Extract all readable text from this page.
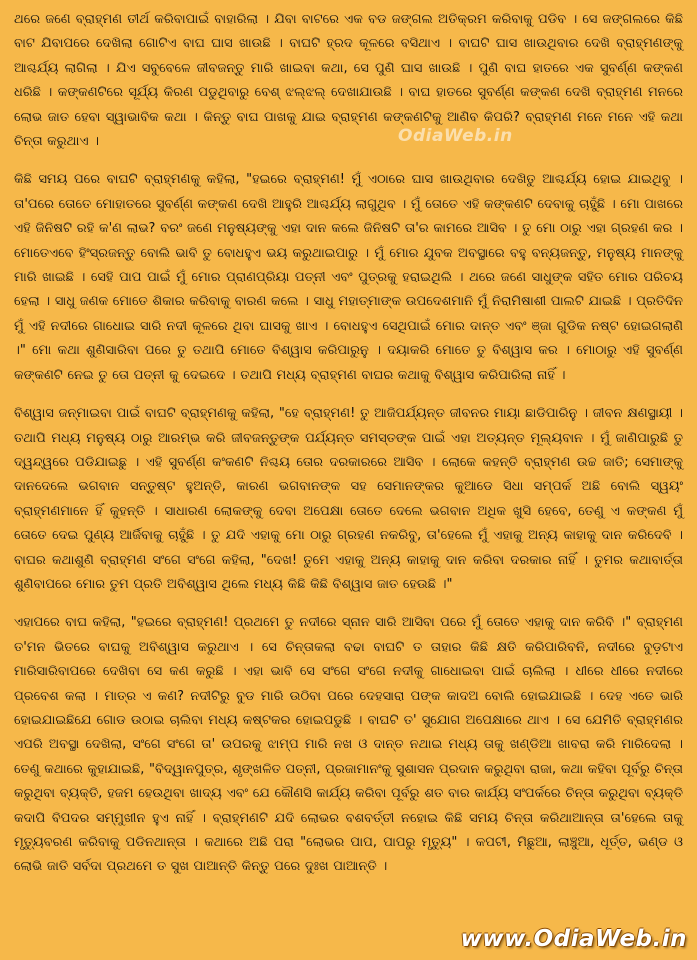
ଥରେ ଜଣେ ବ୍ରାହ୍ମଣ ତୀର୍ଥ କରିବାପାଇଁ ବାହାରିଲା । ଯିବା ବାଟରେ ଏକ ବଡ ଜଙ୍ଗଲ ଅତିକ୍ରମ କରିବାକୁ ପଡିବ । ସେ ଜଙ୍ଗଲରେ କିଛି ବାଟ ଯିବାପରେ ଦେଖିଲା ଗୋଟିଏ ବାଘ ଘାସ ଖାଉଛି । ବାଘଟି ହ୍ରଦ କୂଳରେ ବସିଥାଏ । ବାଘଟି ଘାସ ଖାଉଥିବାର ଦେଖି ବ୍ରାହ୍ମଣଙ୍କୁ ଆଶ୍ଚର୍ଯ୍ୟ ଲାଗିଲା । ଯିଏ ସବୁବେଳେ ଜୀବଜନ୍ତୁ ମାରି ଖାଇବା କଥା, ସେ ପୁଣି ଘାସ ଖାଉଛି । ପୁଣି ବାଘ ହାତରେ ଏକ ସୁବର୍ଣ୍ଣ କଙ୍କଣ ଧରିଛି । କଙ୍କଣଟିରେ ସୂର୍ଯ୍ୟ କିରଣ ପଡୁଥିବାରୁ ବେଶ୍ ଝଲ୍‌ଝଲ୍ ଦେଖାଯାଉଛି । ବାଘ ହାତରେ ସୁବର୍ଣ୍ଣ କଙ୍କଣ ଦେଖି ବ୍ରାହ୍ମଣ ମନରେ ଲୋଭ ଜାତ ହେବା ସ୍ୱାଭାବିକ କଥା । କିନ୍ତୁ ବାଘ ପାଖକୁ ଯାଇ ବ୍ରାହ୍ମଣ କଙ୍କଣଟିକୁ ଆଣିବ କିପରି? ବ୍ରାହ୍ମଣ ମନେ ମନେ ଏହି କଥା ଚିନ୍ତା କରୁଥାଏ ।

କିଛି ସମୟ ପରେ ବାଘଟି ବ୍ରାହ୍ମଣକୁ କହିଲା, "ହଇରେ ବ୍ରାହ୍ମଣ! ମୁଁ ଏଠାରେ ଘାସ ଖାଉଥିବାର ଦେଖିତୁ ଆଶ୍ଚର୍ଯ୍ୟ ହୋଇ ଯାଇଥିବୁ । ତା'ପରେ ତୋତେ ମୋହାତରେ ସୁବର୍ଣ୍ଣ କଙ୍କଣ ଦେଖି ଆହୁରି ଆଶ୍ଚର୍ଯ୍ୟ ଲାଗୁଥିବ । ମୁଁ ତୋତେ ଏହି କଙ୍କଣଟି ଦେବାକୁ ଚାହୁଁଛି । ମୋ ପାଖରେ ଏହି ଜିନିଷଟି ରହି କ'ଣ ଲାଭ? ବରଂ ଜଣେ ମନୁଷ୍ୟଙ୍କୁ ଏହା ଦାନ କଲେ ଜିନିଷଟି ତା'ର କାମରେ ଆସିବ । ତୁ ମୋ ଠାରୁ ଏହା ଗ୍ରହଣ କର । ମୋତେଏବେ ହିଂସ୍ରଜନ୍ତୁ ବୋଲି ଭାବି ତୁ ବୋଧହୁଏ ଭୟ କରୁଥାଇପାରୁ । ମୁଁ ମୋର ଯୁବକ ଅବସ୍ଥାରେ ବହୁ ବନ୍ୟଜନ୍ତୁ, ମନୁଷ୍ୟ ମାନଙ୍କୁ ମାରି ଖାଇଛି । ସେହି ପାପ ପାଇଁ ମୁଁ ମୋର ପ୍ରାଣପ୍ରିୟା ପତ୍ନୀ ଏବଂ ପୁତ୍ରକୁ ହରାଇଥିଲି । ଥରେ ଜଣେ ସାଧୁଙ୍କ ସହିତ ମୋର ପରିଚୟ ହେଲା । ସାଧୁ ଜଣକ ମୋତେ ଶିକାର କରିବାକୁ ବାରଣ କଲେ । ସାଧୁ ମହାତ୍ମାଙ୍କ ଉପଦେଶମାନି ମୁଁ ନିରାମିଷାଶୀ ପାଲଟି ଯାଇଛି । ପ୍ରତିଦିନ ମୁଁ ଏହି ନଦୀରେ ଗାଧୋଇ ସାରି ନଦୀ କୂଳରେ ଥିବା ଘାସକୁ ଖାଏ । ବୋଧହୁଏ ସେଥିପାଇଁ ମୋର ଦାନ୍ତ ଏବଂ ଞ୍ଜା ଗୁଡିକ ନଷ୍ଟ ହୋଇଗଲାଣି ।" ମୋ କଥା ଶୁଣିସାରିବା ପରେ ତୁ ତଥାପି ମୋତେ ବିଶ୍ୱାସ କରିପାରୁନୁ । ଦୟାକରି ମୋତେ ତୁ ବିଶ୍ୱାସ କର । ମୋଠାରୁ ଏହି ସୁବର୍ଣ୍ଣ କଙ୍କଣଟି ନେଇ ତୁ ତୋ ପତ୍ନୀ କୁ ଦେଇଦେ । ତଥାପି ମଧ୍ୟ ବ୍ରାହ୍ମଣ ବାଘର କଥାକୁ ବିଶ୍ୱାସ କରିପାରିଲା ନାହିଁ ।

ବିଶ୍ୱାସ ଜନ୍ମାଇବା ପାଇଁ ବାଘଟି ବ୍ରାହ୍ମଣକୁ କହିଲା, "ହେ ବ୍ରାହ୍ମଣ! ତୁ ଆଜିପର୍ଯ୍ୟନ୍ତ ଜୀବନର ମାୟା ଛାଡିପାରିନୁ । ଜୀବନ କ୍ଷଣସ୍ଥାୟୀ । ତଥାପି ମଧ୍ୟ ମନୁଷ୍ୟ ଠାରୁ ଆରମ୍ଭ କରି ଜୀବଜନ୍ତୁଙ୍କ ପର୍ଯ୍ୟନ୍ତ ସମସ୍ତଙ୍କ ପାଇଁ ଏହା ଅତ୍ୟନ୍ତ ମୂଲ୍ୟବାନ । ମୁଁ ଜାଣିପାରୁଛି ତୁ ଦ୍ୱନ୍ଦ୍ୱରେ ପଡିଯାଇଛୁ । ଏହି ସୁବର୍ଣ୍ଣ କଂକଣଟି ନିଶ୍ଚୟ ତୋର ଦରକାରରେ ଆସିବ । ଲୋକେ କହନ୍ତି ବ୍ରାହ୍ମଣ ଉଚ୍ଚ ଜାତି; ସେମାଙ୍କୁ ଦାନଦେଲେ ଭଗବାନ ସନ୍ତୁଷ୍ଟ ହୁଅନ୍ତି, କାରଣ ଭଗବାନଙ୍କ ସହ ସେମାନଙ୍କର କୁଆଡେ ସିଧା ସମ୍ପର୍କ ଅଛି ବୋଲି ସ୍ୱୟଂ ବ୍ରାହ୍ମଣମାନେ ହିଁ କୁହନ୍ତି । ସାଧାରଣ ଲୋକଙ୍କୁ ଦେବା ଅପେକ୍ଷା ତୋତେ ଦେଲେ ଭଗବାନ ଅଧିକ ଖୁସି ହେବେ, ତେଣୁ ଏ କଙ୍କଣ ମୁଁ ତୋତେ ଦେଇ ପୁଣ୍ୟ ଆର୍ଜିବାକୁ ଚାହୁଁଛି । ତୁ ଯଦି ଏହାକୁ ମୋ ଠାରୁ ଗ୍ରହଣ ନକରିବୁ, ତା'ହେଲେ ମୁଁ ଏହାକୁ ଅନ୍ୟ କାହାକୁ ଦାନ କରିଦେବି । ବାଘର କଥାଶୁଣି ବ୍ରାହ୍ମଣ ସଂଗେ ସଂଗେ କହିଲା, "ଦେଖ! ତୁମେ ଏହାକୁ ଅନ୍ୟ କାହାକୁ ଦାନ କରିବା ଦରକାର ନାହିଁ । ତୁମର କଥାବାର୍ତ୍ତା ଶୁଣିବାପରେ ମୋର ତୁମ ପ୍ରତି ଅବିଶ୍ୱାସ ଥିଲେ ମଧ୍ୟ କିଛି କିଛି ବିଶ୍ୱାସ ଜାତ ହେଉଛି ।"

ଏହାପରେ ବାଘ କହିଲା, "ହଇରେ ବ୍ରାହ୍ମଣ! ପ୍ରଥମେ ତୁ ନଦୀରେ ସ୍ନାନ ସାରି ଆସିବା ପରେ ମୁଁ ତୋତେ ଏହାକୁ ଦାନ କରିବି ।" ବ୍ରାହ୍ମଣ ତ'ମନ ଭିତରେ ବାଘକୁ ଅବିଶ୍ୱାସ କରୁଥାଏ । ସେ ଚିନ୍ତାକଲା ବଢା ବାଘଟି ତ ତାହାର କିଛି କ୍ଷତି କରିପାରିବନି, ନଦୀରେ ବୁଡ଼ଟାଏ ମାରିସାରିବାପରେ ଦେଖିବା ସେ କଣ କରୁଛି । ଏହା ଭାବି ସେ ସଂଗେ ସଂଗେ ନଦୀକୁ ଗାଧୋଇବା ପାଇଁ ଚାଲିଲା । ଧୀରେ ଧୀରେ ନଦୀରେ ପ୍ରବେଶ କଲା । ମାତ୍ର ଏ କଣ? ନଦୀଟିରୁ ବୁଡ ମାରି ଉଠିବା ପରେ ଦେହସାରା ପଙ୍କ କାଦଅ ବୋଲି ହୋଇଯାଇଛି । ଦେହ ଏତେ ଭାରି ହୋଇଯାଇଛିଯେ ଗୋଡ ଉଠାଇ ଚାଲିବା ମଧ୍ୟ କଷ୍ଟକର ହୋଇପଡୁଛି । ବାଘଟି ତ' ସୁଯୋଗ ଅପେକ୍ଷାରେ ଥାଏ । ସେ ଯେମିତି ବ୍ରାହ୍ମଣର ଏପରି ଅବସ୍ଥା ଦେଖିଲା, ସଂଗେ ସଂଗେ ତା' ଉପରକୁ ଝାମ୍ପ ମାରି ନଖ ଓ ଦାନ୍ତ ନଥାଇ ମଧ୍ୟ ତାକୁ ଖଣ୍ଡିଆ ଖାବରା କରି ମାରିଦେଲା । ତେଣୁ କଥାରେ କୁହାଯାଇଛି, "ବିଦ୍ୱାନପୁତ୍ର, ଶୃଙ୍ଖଳିତ ପତ୍ନୀ, ପ୍ରଜାମାନଂକୁ ସୁଶାସନ ପ୍ରଦାନ କରୁଥିବା ରାଜା, କଥା କହିବା ପୂର୍ବରୁ ଚିନ୍ତା କରୁଥିବା ବ୍ୟକ୍ତି, ହଜମ ହେଉଥିବା ଖାଦ୍ୟ ଏବଂ ଯେ କୌଣସି କାର୍ଯ୍ୟ କରିବା ପୂର୍ବରୁ ଶତ ବାର କାର୍ଯ୍ୟ ସଂପର୍କରେ ଚିନ୍ତା କରୁଥିବା ବ୍ୟକ୍ତି କଦାପି ବିପଦର ସମ୍ମୁଖୀନ ହୁଏ ନାହିଁ । ବ୍ରାହ୍ମଣଟି ଯଦି ଲୋଭର ବଶବର୍ତ୍ତୀ ନହୋଇ କିଛି ସମୟ ଚିନ୍ତା କରିଥାଆନ୍ତା ତା'ହେଲେ ତାକୁ ମୃତ୍ୟୁବରଣ କରିବାକୁ ପଡିନଥାନ୍ତା । କଥାରେ ଅଛି ପରା "ଲୋଭର ପାପ, ପାପରୁ ମୃତ୍ୟୁ" । କପଟୀ, ମିଛୁଆ, ଲାଞ୍ଚୁଆ, ଧୂର୍ତ୍ତ, ଭଣ୍ଡ ଓ ଲୋଭି ଜାତି ସର୍ବଦା ପ୍ରଥମେ ତ ସୁଖ ପାଆନ୍ତି କିନ୍ତୁ ପରେ ଦୁଃଖ ପାଆନ୍ତି ।

OdiaWeb.in
www.OdiaWeb.in
